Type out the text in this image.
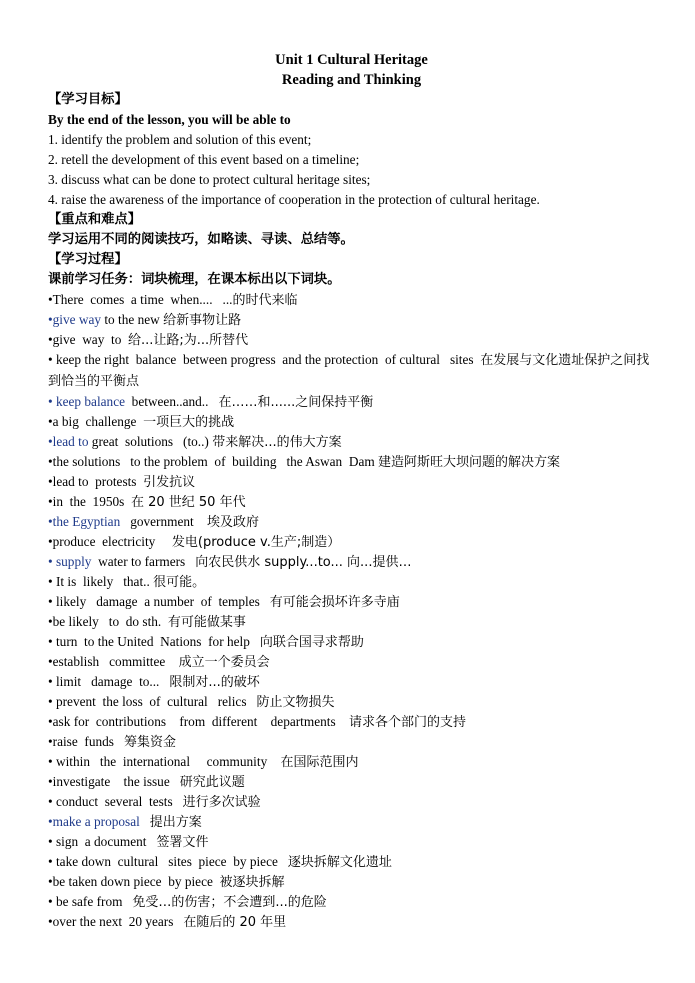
Unit 1 Cultural Heritage
Reading and Thinking
【学习目标】
By the end of the lesson, you will be able to
1. identify the problem and solution of this event;
2. retell the development of this event based on a timeline;
3. discuss what can be done to protect cultural heritage sites;
4. raise the awareness of the importance of cooperation in the protection of cultural heritage.
【重点和难点】
学习运用不同的阅读技巧，如略读、寻读、总结等。
【学习过程】
课前学习任务：词块梳理，在课本标出以下词块。
•There  comes  a time  when....   ...的时代来临
•give way to the new 给新事物让路
•give  way  to  给...让路;为...所替代
• keep the right  balance  between progress  and the protection  of cultural   sites  在发展与文化遗址保护之间找到恰当的平衡点
• keep balance  between..and..   在……和......之间保持平衡
•a big  challenge  一项巨大的挑战
•lead to great  solutions   (to..) 带来解决...的伟大方案
•the solutions   to the problem  of  building   the Aswan  Dam 建造阿斯旺大坝问题的解决方案
•lead to  protests  引发抗议
•in  the  1950s  在 20 世纪 50 年代
•the Egyptian   government    埃及政府
•produce  electricity     发电(produce v.生产;制造）
• supply  water to farmers   向农民供水 supply...to... 向...提供…
• It is  likely   that.. 很可能。
• likely   damage  a number  of  temples   有可能会损坏许多寺庙
•be likely   to  do sth.  有可能做某事
• turn  to the United  Nations  for help   向联合国寻求帮助
•establish   committee    成立一个委员会
• limit   damage  to...   限制对...的破坏
• prevent  the loss  of  cultural   relics   防止文物损失
•ask for  contributions    from  different    departments    请求各个部门的支持
•raise  funds   筹集资金
• within   the  international     community    在国际范围内
•investigate    the issue   研究此议题
• conduct  several  tests   进行多次试验
•make a proposal 提出方案
• sign  a document   签署文件
• take down  cultural   sites  piece  by piece   逐块拆解文化遗址
•be taken down piece  by piece  被逐块拆解
• be safe from   免受…的伤害；不会遭到...的危险
•over the next  20 years   在随后的 20 年里
